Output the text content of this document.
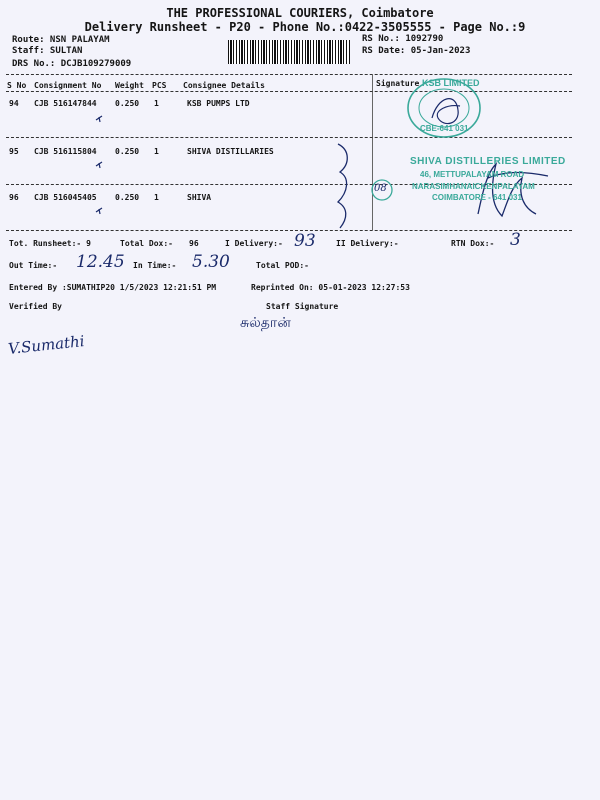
THE PROFESSIONAL COURIERS, Coimbatore
Delivery Runsheet - P20 - Phone No.:0422-3505555 - Page No.:9
Route: NSN PALAYAM
Staff: SULTAN
DRS No.: DCJB109279009
RS No.: 1092790
RS Date: 05-Jan-2023
S No Consignment No Weight PCS Consignee Details	Signature
94 CJB 516147844 0.250 1	KSB PUMPS LTD
95 CJB 516115804 0.250 1	SHIVA DISTILLARIES
96 CJB 516045405 0.250 1	SHIVA
KSB LIMITED
CBE-641 031
SHIVA DISTILLERIES LIMITED
46, METTUPALAYAM ROAD
NARASIMHANAICKENPALAYAM
COIMBATORE - 641 031
08
Tot. Runsheet:- 9	Total Dox:- 96	I Delivery:- 93	II Delivery:-	RTN Dox:- 3
Out Time:- 12.45 In Time:- 5.30	Total POD:-
Entered By :SUMATHIP20 1/5/2023 12:21:51 PM	Reprinted On: 05-01-2023 12:27:53
Verified By	Staff Signature
V.Sumathi
சுல்தான்
